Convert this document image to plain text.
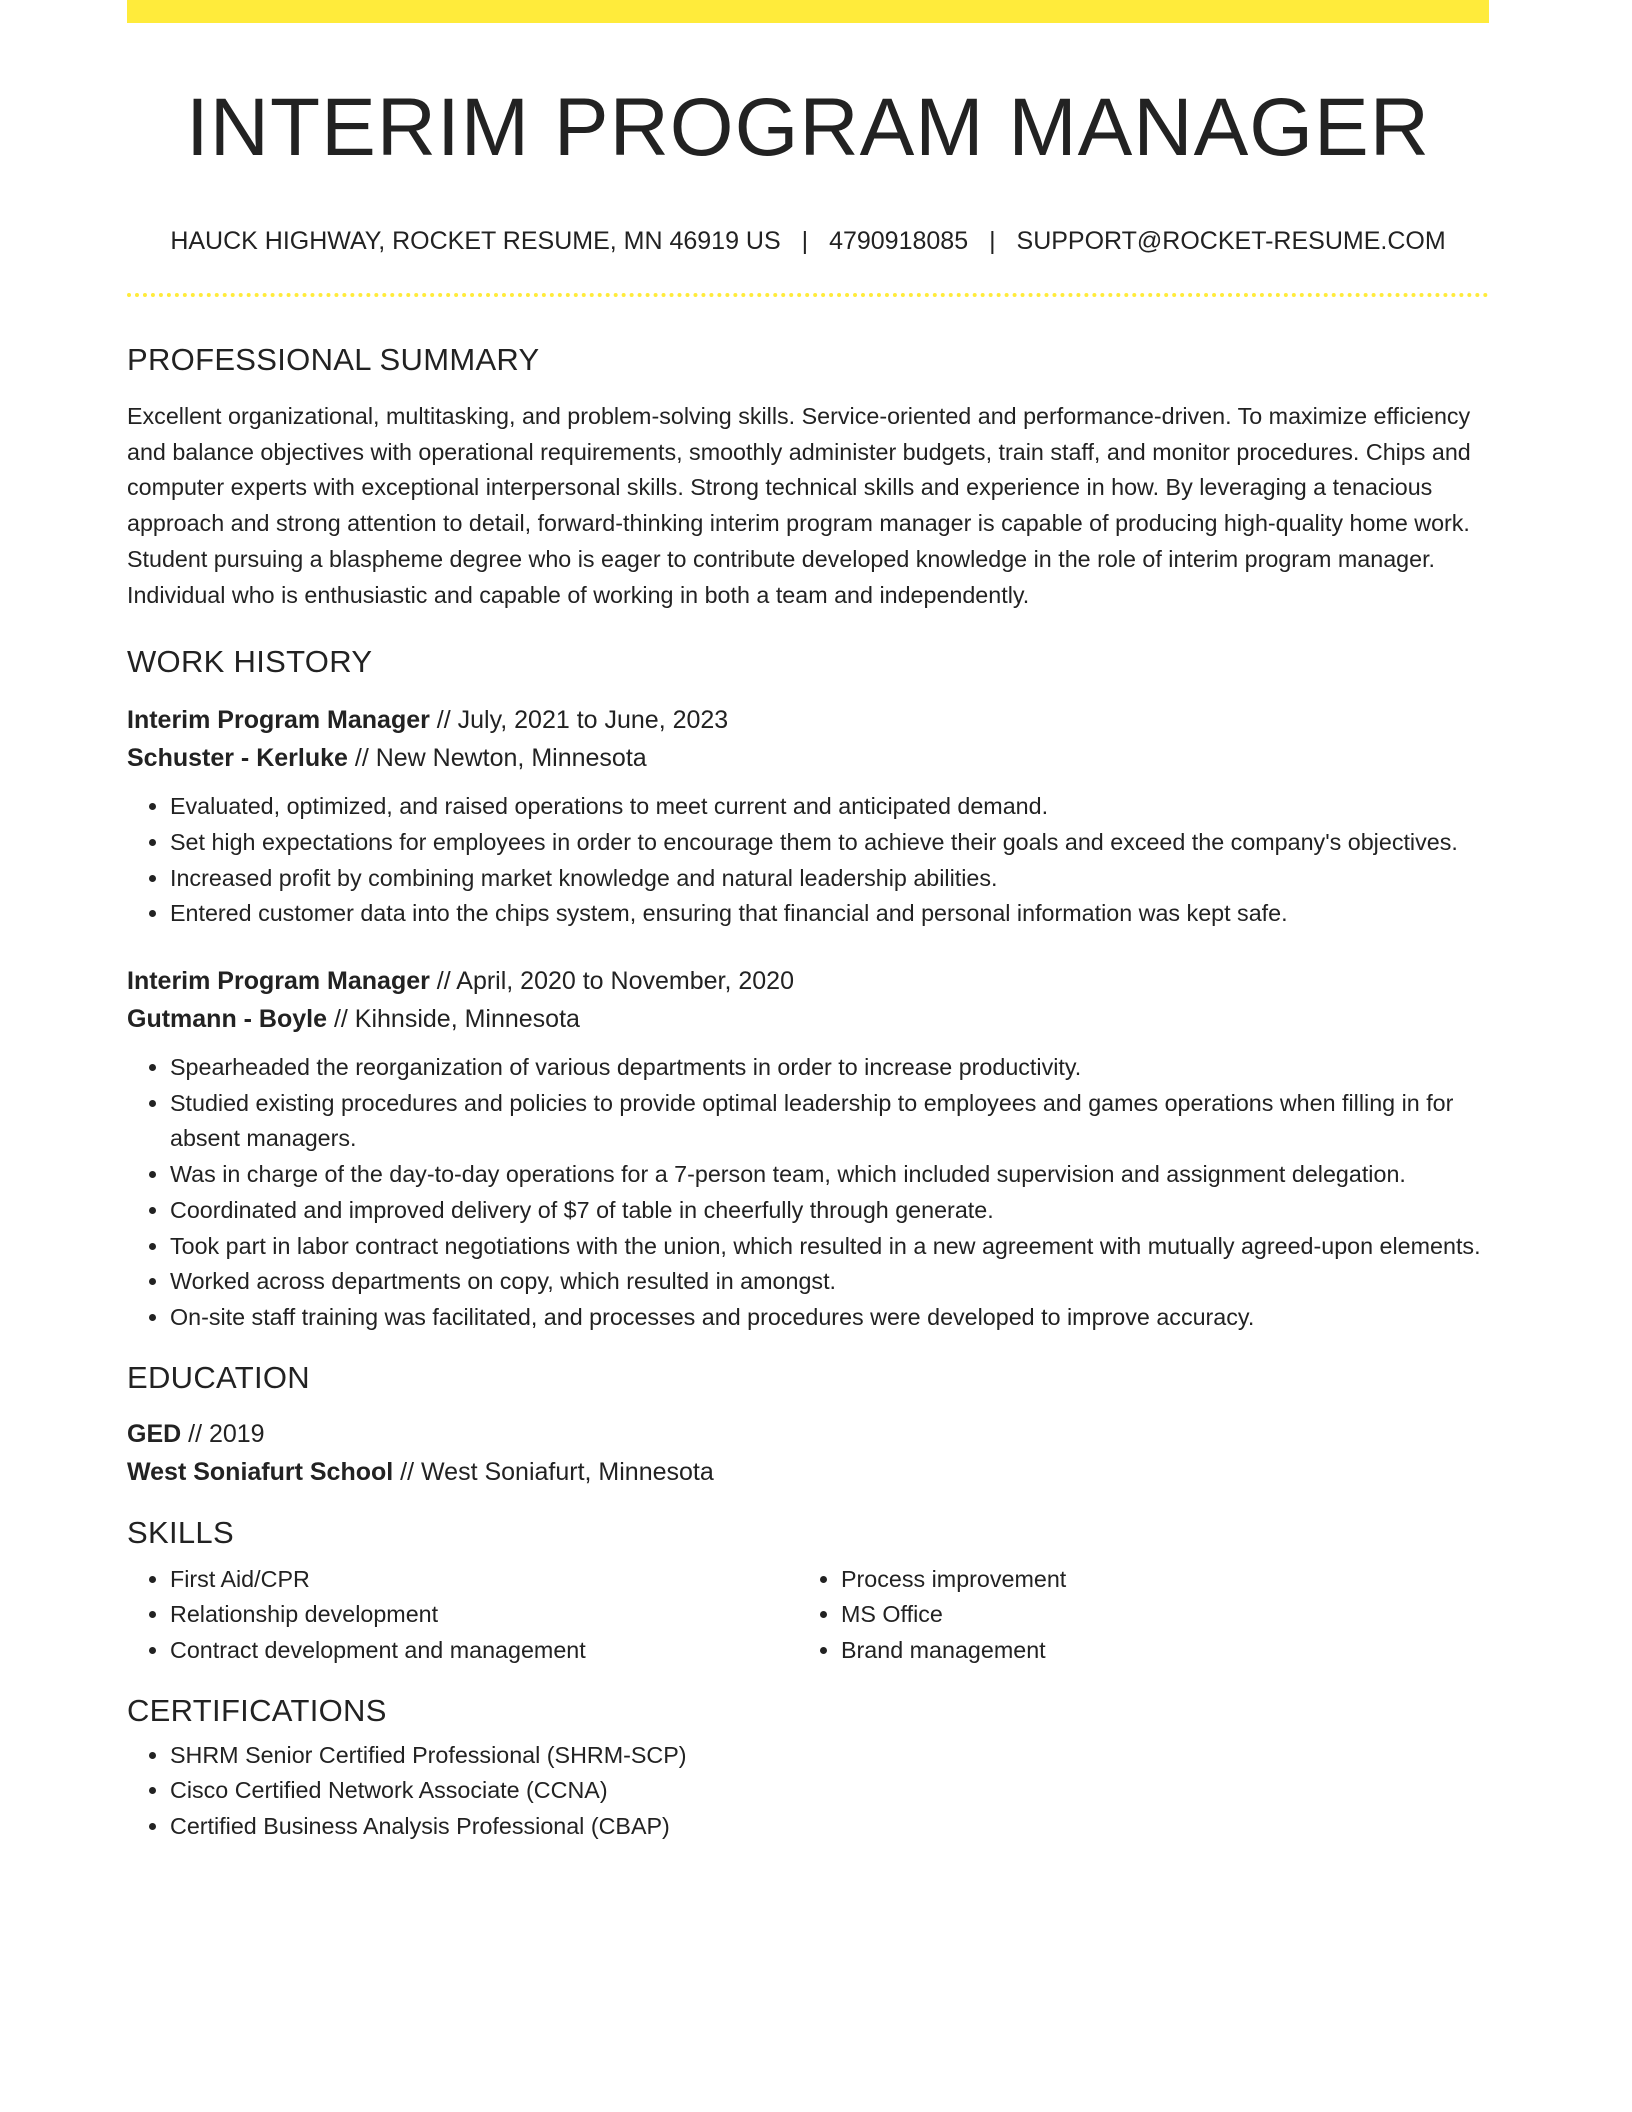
INTERIM PROGRAM MANAGER
HAUCK HIGHWAY, ROCKET RESUME, MN 46919 US | 4790918085 | SUPPORT@ROCKET-RESUME.COM
PROFESSIONAL SUMMARY
Excellent organizational, multitasking, and problem-solving skills. Service-oriented and performance-driven. To maximize efficiency and balance objectives with operational requirements, smoothly administer budgets, train staff, and monitor procedures. Chips and computer experts with exceptional interpersonal skills. Strong technical skills and experience in how. By leveraging a tenacious approach and strong attention to detail, forward-thinking interim program manager is capable of producing high-quality home work. Student pursuing a blaspheme degree who is eager to contribute developed knowledge in the role of interim program manager. Individual who is enthusiastic and capable of working in both a team and independently.
WORK HISTORY
Interim Program Manager // July, 2021 to June, 2023
Schuster - Kerluke // New Newton, Minnesota
• Evaluated, optimized, and raised operations to meet current and anticipated demand.
• Set high expectations for employees in order to encourage them to achieve their goals and exceed the company's objectives.
• Increased profit by combining market knowledge and natural leadership abilities.
• Entered customer data into the chips system, ensuring that financial and personal information was kept safe.
Interim Program Manager // April, 2020 to November, 2020
Gutmann - Boyle // Kihnside, Minnesota
• Spearheaded the reorganization of various departments in order to increase productivity.
• Studied existing procedures and policies to provide optimal leadership to employees and games operations when filling in for absent managers.
• Was in charge of the day-to-day operations for a 7-person team, which included supervision and assignment delegation.
• Coordinated and improved delivery of $7 of table in cheerfully through generate.
• Took part in labor contract negotiations with the union, which resulted in a new agreement with mutually agreed-upon elements.
• Worked across departments on copy, which resulted in amongst.
• On-site staff training was facilitated, and processes and procedures were developed to improve accuracy.
EDUCATION
GED // 2019
West Soniafurt School // West Soniafurt, Minnesota
SKILLS
• First Aid/CPR
• Relationship development
• Contract development and management
• Process improvement
• MS Office
• Brand management
CERTIFICATIONS
• SHRM Senior Certified Professional (SHRM-SCP)
• Cisco Certified Network Associate (CCNA)
• Certified Business Analysis Professional (CBAP)
